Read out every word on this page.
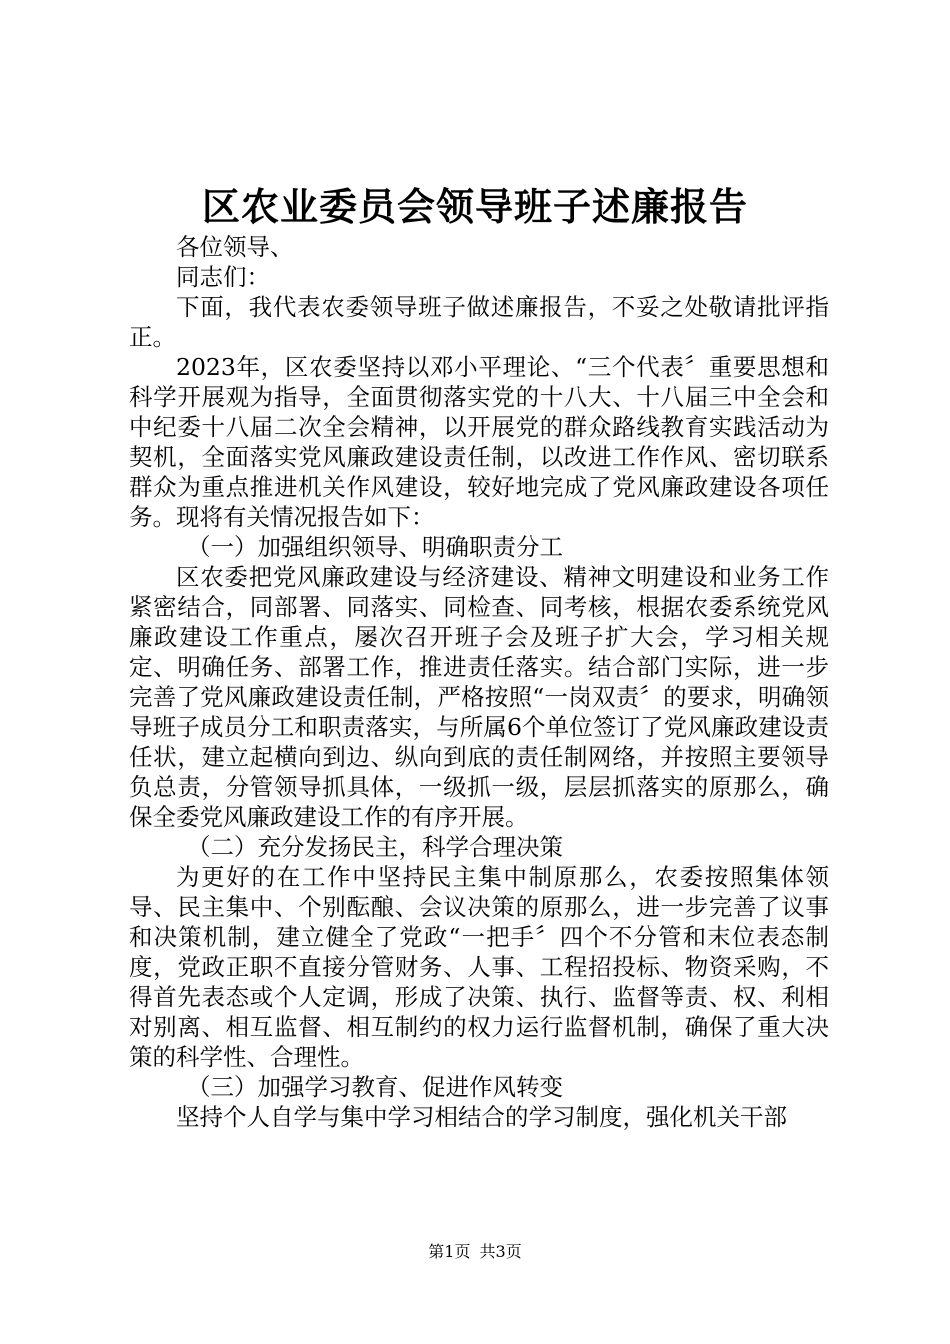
区农业委员会领导班子述廉报告

各位领导、

同志们：

下面，我代表农委领导班子做述廉报告，不妥之处敬请批评指正。

2023年，区农委坚持以邓小平理论、“三个代表〞重要思想和科学开展观为指导，全面贯彻落实党的十八大、十八届三中全会和中纪委十八届二次全会精神，以开展党的群众路线教育实践活动为契机，全面落实党风廉政建设责任制，以改进工作作风、密切联系群众为重点推进机关作风建设，较好地完成了党风廉政建设各项任务。现将有关情况报告如下：

（一）加强组织领导、明确职责分工

区农委把党风廉政建设与经济建设、精神文明建设和业务工作紧密结合，同部署、同落实、同检查、同考核，根据农委系统党风廉政建设工作重点，屡次召开班子会及班子扩大会，学习相关规定、明确任务、部署工作，推进责任落实。结合部门实际，进一步完善了党风廉政建设责任制，严格按照“一岗双责〞的要求，明确领导班子成员分工和职责落实，与所属6个单位签订了党风廉政建设责任状，建立起横向到边、纵向到底的责任制网络，并按照主要领导负总责，分管领导抓具体，一级抓一级，层层抓落实的原那么，确保全委党风廉政建设工作的有序开展。

（二）充分发扬民主，科学合理决策

为更好的在工作中坚持民主集中制原那么，农委按照集体领导、民主集中、个别酝酿、会议决策的原那么，进一步完善了议事和决策机制，建立健全了党政“一把手〞四个不分管和末位表态制度，党政正职不直接分管财务、人事、工程招投标、物资采购，不得首先表态或个人定调，形成了决策、执行、监督等责、权、利相对别离、相互监督、相互制约的权力运行监督机制，确保了重大决策的科学性、合理性。

（三）加强学习教育、促进作风转变

坚持个人自学与集中学习相结合的学习制度，强化机关干部

第1页 共3页
